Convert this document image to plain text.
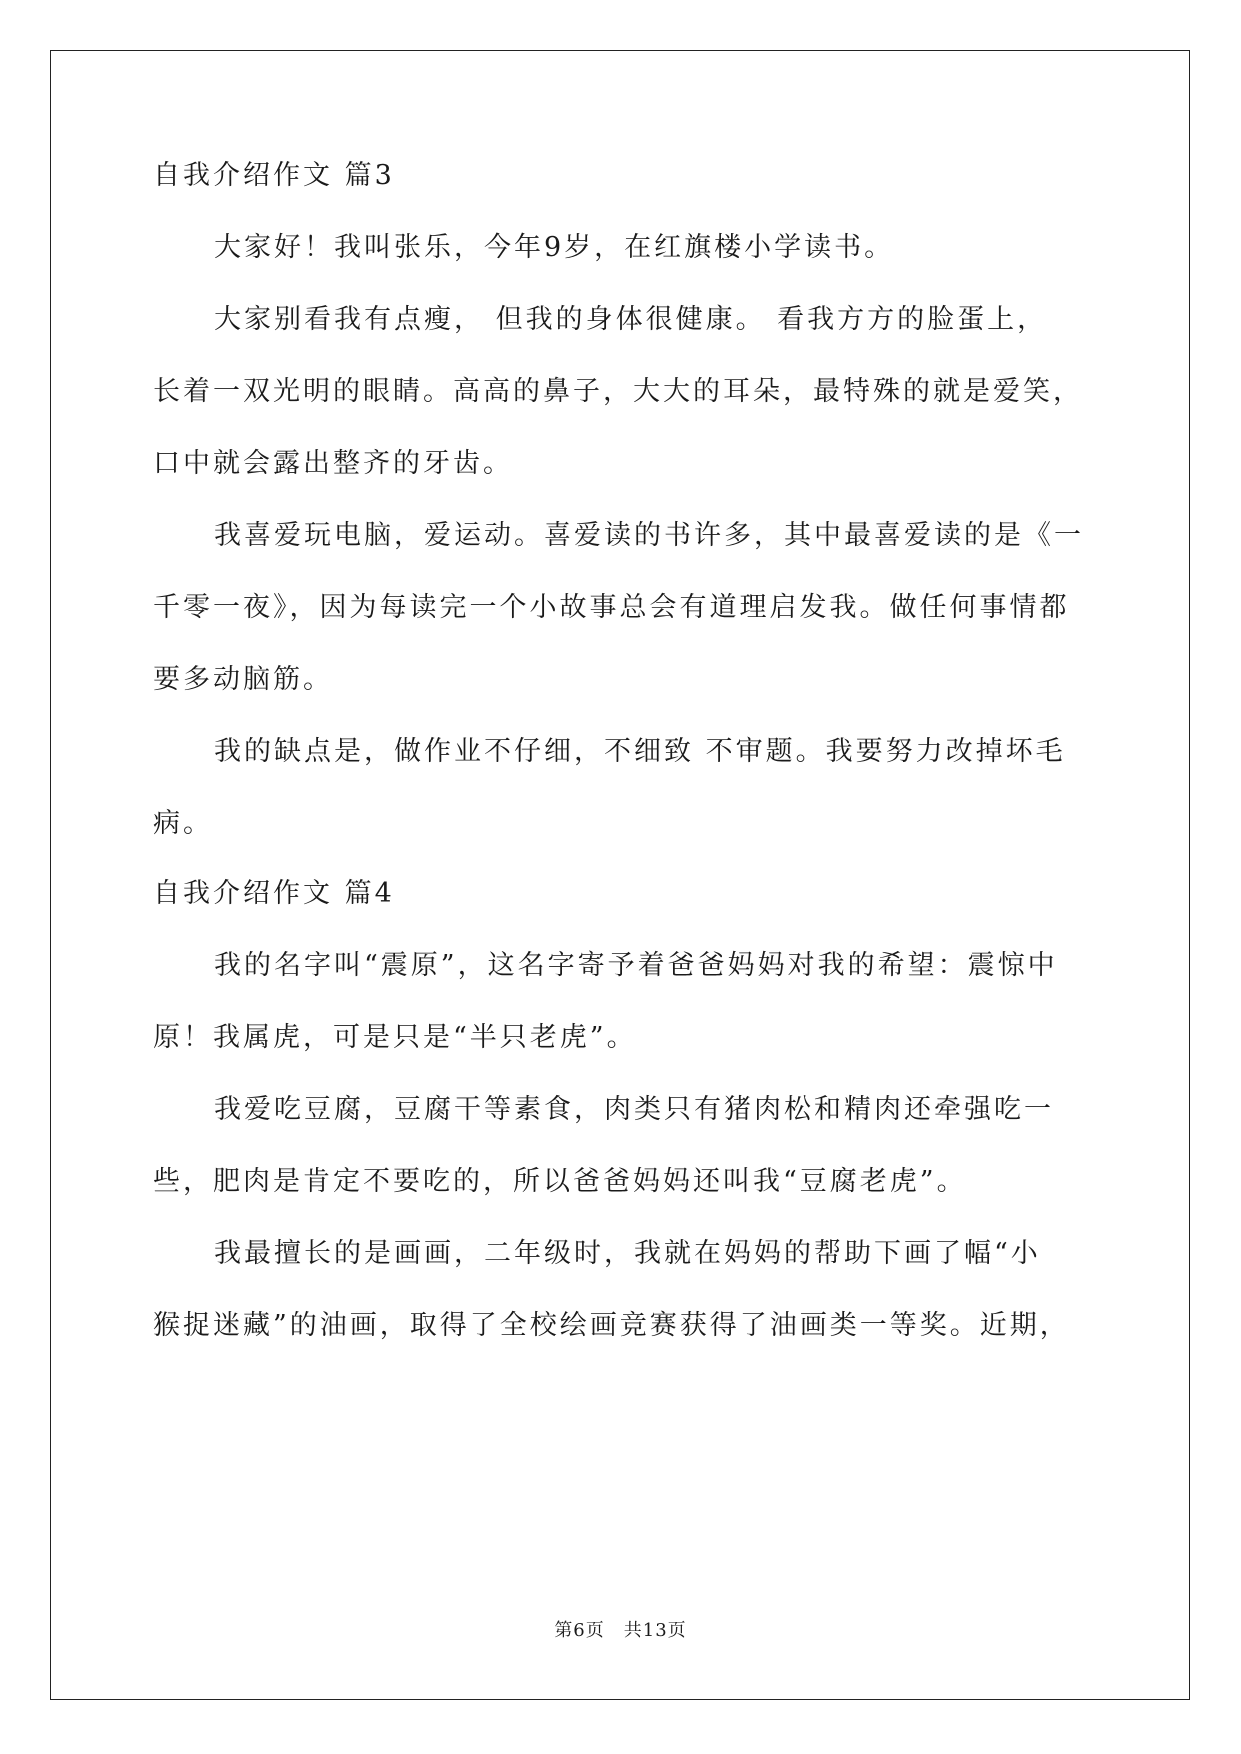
自我介绍作文 篇3
大家好！我叫张乐，今年9岁，在红旗楼小学读书。
大家别看我有点瘦， 但我的身体很健康。 看我方方的脸蛋上，
长着一双光明的眼睛。高高的鼻子，大大的耳朵，最特殊的就是爱笑，
口中就会露出整齐的牙齿。
我喜爱玩电脑，爱运动。喜爱读的书许多，其中最喜爱读的是《一
千零一夜》，因为每读完一个小故事总会有道理启发我。做任何事情都
要多动脑筋。
我的缺点是，做作业不仔细，不细致 不审题。我要努力改掉坏毛
病。
自我介绍作文 篇4
我的名字叫“震原”，这名字寄予着爸爸妈妈对我的希望：震惊中
原！我属虎，可是只是“半只老虎”。
我爱吃豆腐，豆腐干等素食，肉类只有猪肉松和精肉还牵强吃一
些，肥肉是肯定不要吃的，所以爸爸妈妈还叫我“豆腐老虎”。
我最擅长的是画画，二年级时，我就在妈妈的帮助下画了幅“小
猴捉迷藏”的油画，取得了全校绘画竞赛获得了油画类一等奖。近期，
第6页　共13页
